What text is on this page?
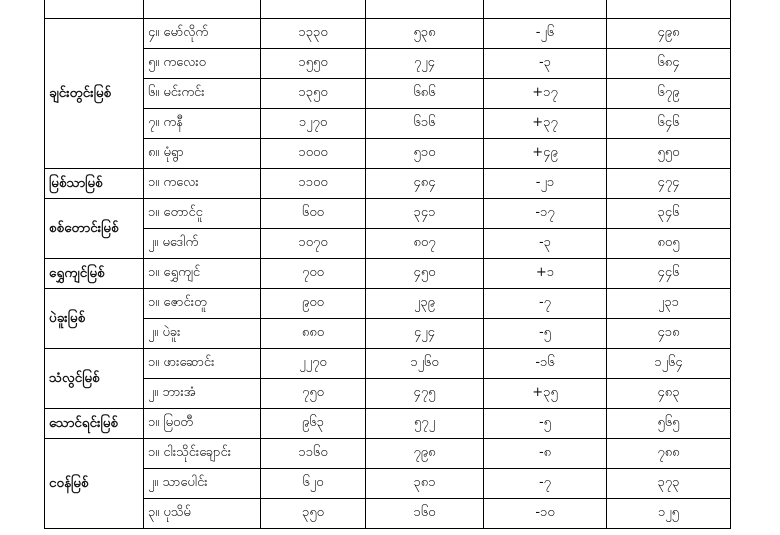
ချင်းတွင်းမြစ်	၄။ မော်လိုက်	၁၃၃၀	၅၃၈	-၂၆	၄၉၈
	၅။ ကလေးဝ	၁၅၅၀	၇၂၄	-၃	၆၈၄
	၆။ မင်းကင်း	၁၃၅၀	၆၈၆	+၁၇	၆၇၉
	၇။ ကနီ	၁၂၇၀	၆၁၆	+၃၇	၆၄၆
	၈။ မုံရွာ	၁၀၀၀	၅၁၀	+၄၉	၅၅၀
မြစ်သာမြစ်	၁။ ကလေး	၁၁၀၀	၄၈၄	-၂၁	၄၇၄
စစ်တောင်းမြစ်	၁။ တောင်ငူ	၆၀၀	၃၄၁	-၁၇	၃၄၆
	၂။ မဒေါက်	၁၀၇၀	၈၀၇	-၃	၈၀၅
ရွှေကျင်မြစ်	၁။ ရွှေကျင်	၇၀၀	၄၅၀	+၁	၄၄၆
ပဲခူးမြစ်	၁။ ဇောင်းတူ	၉၀၀	၂၃၉	-၇	၂၃၁
	၂။ ပဲခူး	၈၈၀	၄၂၄	-၅	၄၁၈
သံလွင်မြစ်	၁။ ဖားဆောင်း	၂၂၇၀	၁၂၆၀	-၁၆	၁၂၆၄
	၂။ ဘားအံ	၇၅၀	၄၇၅	+၃၅	၄၈၃
သောင်ရင်းမြစ်	၁။ မြဝတီ	၉၆၃	၅၇၂	-၅	၅၆၅
ငဝန်မြစ်	၁။ ငါးသိုင်းချောင်း	၁၁၆၀	၇၉၈	-၈	၇၈၈
	၂။ သာပေါင်း	၆၂၀	၃၈၁	-၇	၃၇၃
	၃။ ပုသိမ်	၃၅၀	၁၆၀	-၁၀	၁၂၅
